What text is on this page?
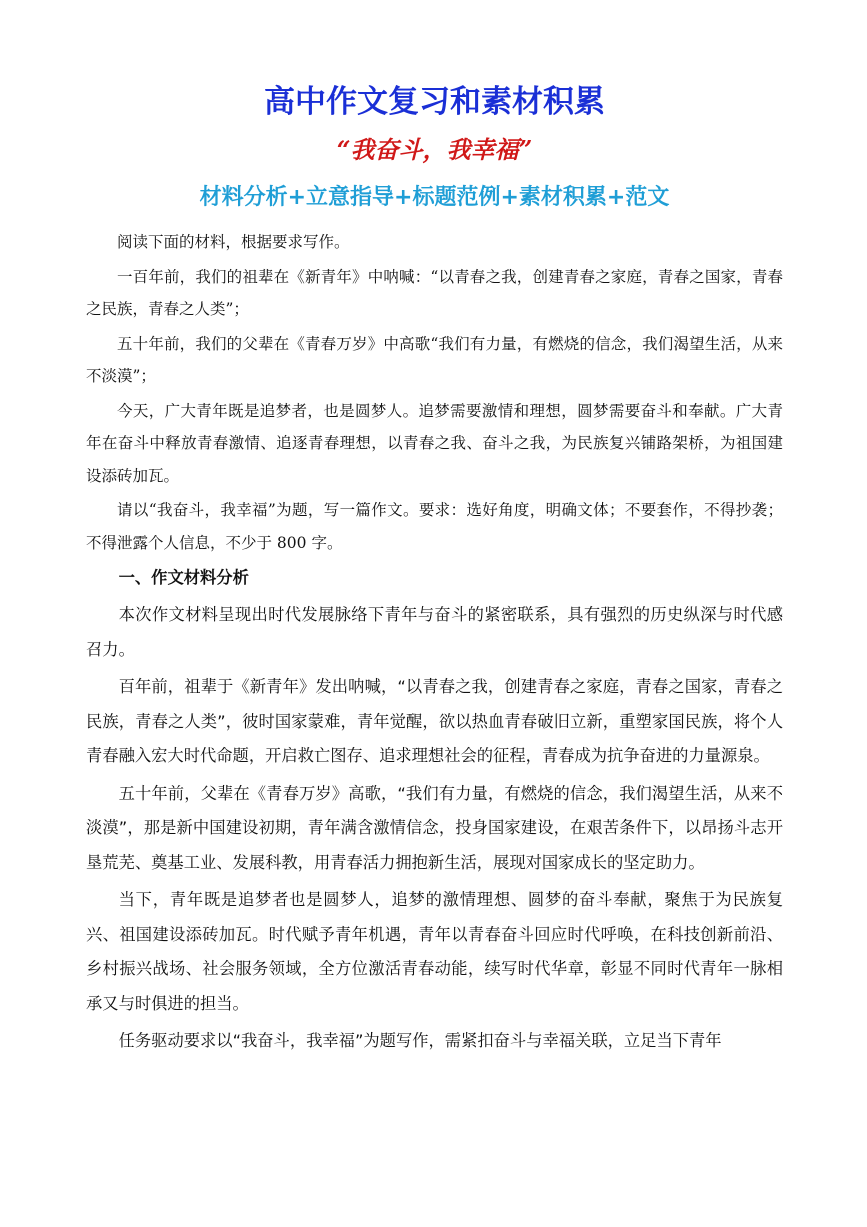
高中作文复习和素材积累
“我奋斗，我幸福”
材料分析+立意指导+标题范例+素材积累+范文

阅读下面的材料，根据要求写作。

一百年前，我们的祖辈在《新青年》中呐喊：“以青春之我，创建青春之家庭，青春之国家，青春之民族，青春之人类”；

五十年前，我们的父辈在《青春万岁》中高歌“我们有力量，有燃烧的信念，我们渴望生活，从来不淡漠”；

今天，广大青年既是追梦者，也是圆梦人。追梦需要激情和理想，圆梦需要奋斗和奉献。广大青年在奋斗中释放青春激情、追逐青春理想，以青春之我、奋斗之我，为民族复兴铺路架桥，为祖国建设添砖加瓦。

请以“我奋斗，我幸福”为题，写一篇作文。要求：选好角度，明确文体；不要套作，不得抄袭；不得泄露个人信息，不少于 800 字。

一、作文材料分析

本次作文材料呈现出时代发展脉络下青年与奋斗的紧密联系，具有强烈的历史纵深与时代感召力。

百年前，祖辈于《新青年》发出呐喊，“以青春之我，创建青春之家庭，青春之国家，青春之民族，青春之人类”，彼时国家蒙难，青年觉醒，欲以热血青春破旧立新，重塑家国民族，将个人青春融入宏大时代命题，开启救亡图存、追求理想社会的征程，青春成为抗争奋进的力量源泉。

五十年前，父辈在《青春万岁》高歌，“我们有力量，有燃烧的信念，我们渴望生活，从来不淡漠”，那是新中国建设初期，青年满含激情信念，投身国家建设，在艰苦条件下，以昂扬斗志开垦荒芜、奠基工业、发展科教，用青春活力拥抱新生活，展现对国家成长的坚定助力。

当下，青年既是追梦者也是圆梦人，追梦的激情理想、圆梦的奋斗奉献，聚焦于为民族复兴、祖国建设添砖加瓦。时代赋予青年机遇，青年以青春奋斗回应时代呼唤，在科技创新前沿、乡村振兴战场、社会服务领域，全方位激活青春动能，续写时代华章，彰显不同时代青年一脉相承又与时俱进的担当。

任务驱动要求以“我奋斗，我幸福”为题写作，需紧扣奋斗与幸福关联，立足当下青年
